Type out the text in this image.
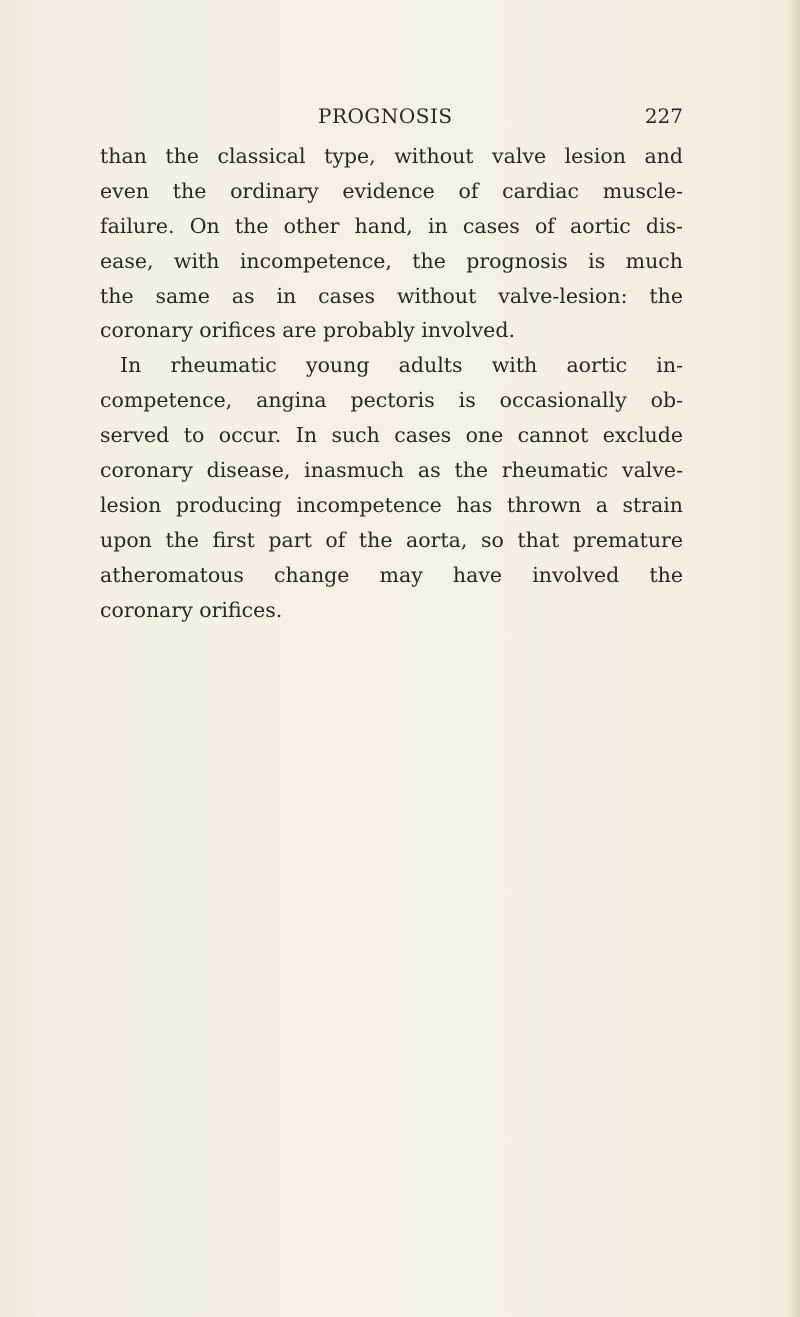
PROGNOSIS	227
than the classical type, without valve lesion and
even the ordinary evidence of cardiac muscle-
failure. On the other hand, in cases of aortic dis-
ease, with incompetence, the prognosis is much
the same as in cases without valve-lesion: the
coronary orifices are probably involved.
In rheumatic young adults with aortic in-
competence, angina pectoris is occasionally ob-
served to occur. In such cases one cannot exclude
coronary disease, inasmuch as the rheumatic valve-
lesion producing incompetence has thrown a strain
upon the first part of the aorta, so that premature
atheromatous change may have involved the
coronary orifices.
